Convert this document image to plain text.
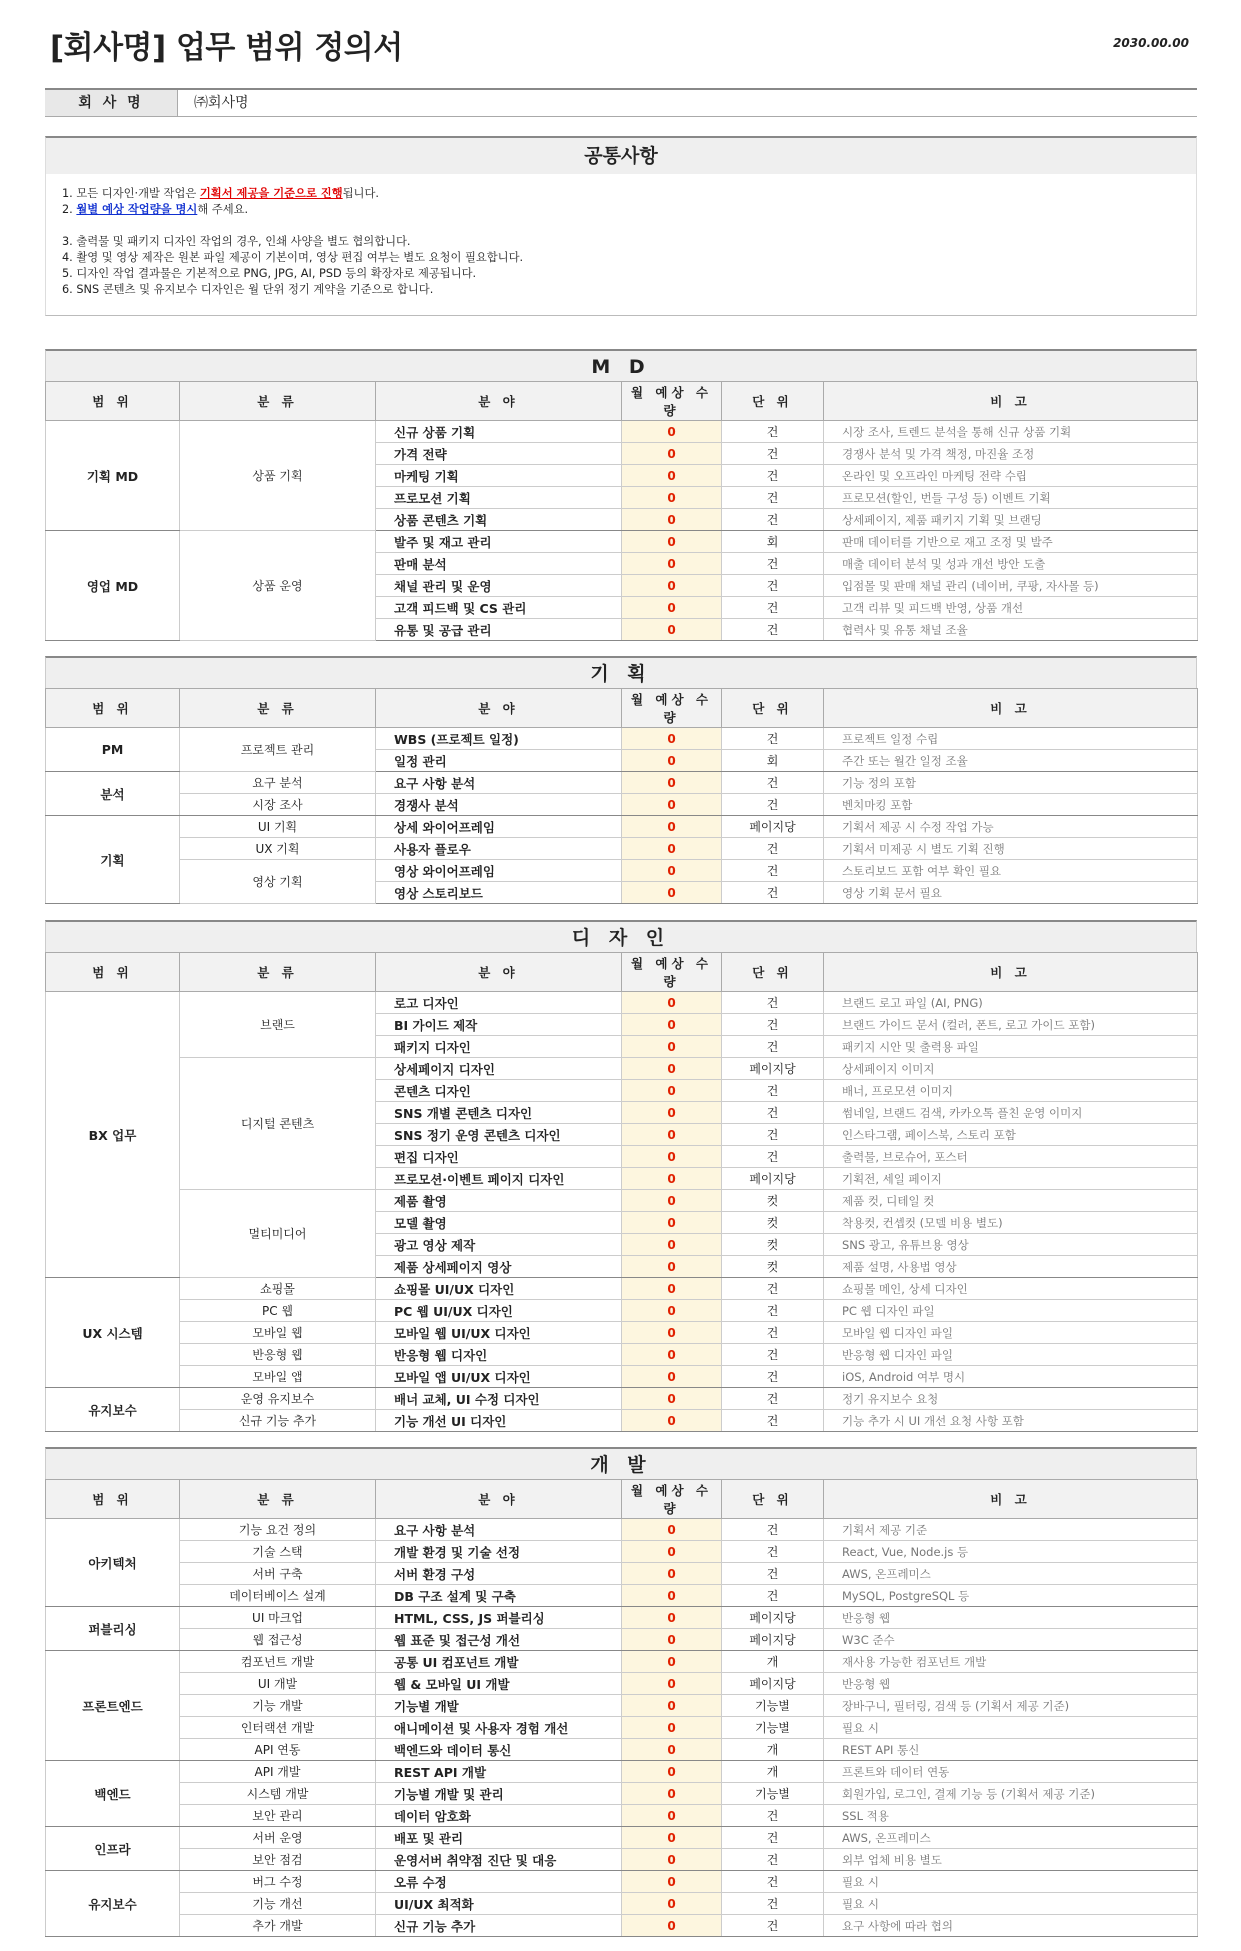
[회사명] 업무 범위 정의서	2030.00.00
회 사 명	㈜회사명
공통사항
1. 모든 디자인·개발 작업은 기획서 제공을 기준으로 진행됩니다.
2. 월별 예상 작업량을 명시해 주세요.
3. 출력물 및 패키지 디자인 작업의 경우, 인쇄 사양을 별도 협의합니다.
4. 촬영 및 영상 제작은 원본 파일 제공이 기본이며, 영상 편집 여부는 별도 요청이 필요합니다.
5. 디자인 작업 결과물은 기본적으로 PNG, JPG, AI, PSD 등의 확장자로 제공됩니다.
6. SNS 콘텐츠 및 유지보수 디자인은 월 단위 정기 계약을 기준으로 합니다.
M D
범 위	분 류	분 야	월 예상 수량	단 위	비 고
기획 MD	상품 기획	신규 상품 기획	0	건	시장 조사, 트렌드 분석을 통해 신규 상품 기획
		가격 전략	0	건	경쟁사 분석 및 가격 책정, 마진율 조정
		마케팅 기획	0	건	온라인 및 오프라인 마케팅 전략 수립
		프로모션 기획	0	건	프로모션(할인, 번들 구성 등) 이벤트 기획
		상품 콘텐츠 기획	0	건	상세페이지, 제품 패키지 기획 및 브랜딩
영업 MD	상품 운영	발주 및 재고 관리	0	회	판매 데이터를 기반으로 재고 조정 및 발주
		판매 분석	0	건	매출 데이터 분석 및 성과 개선 방안 도출
		채널 관리 및 운영	0	건	입점몰 및 판매 채널 관리 (네이버, 쿠팡, 자사몰 등)
		고객 피드백 및 CS 관리	0	건	고객 리뷰 및 피드백 반영, 상품 개선
		유통 및 공급 관리	0	건	협력사 및 유통 채널 조율
기 획
범 위	분 류	분 야	월 예상 수량	단 위	비 고
PM	프로젝트 관리	WBS (프로젝트 일정)	0	건	프로젝트 일정 수립
		일정 관리	0	회	주간 또는 월간 일정 조율
분석	요구 분석	요구 사항 분석	0	건	기능 정의 포함
	시장 조사	경쟁사 분석	0	건	벤치마킹 포함
기획	UI 기획	상세 와이어프레임	0	페이지당	기획서 제공 시 수정 작업 가능
	UX 기획	사용자 플로우	0	건	기획서 미제공 시 별도 기획 진행
	영상 기획	영상 와이어프레임	0	건	스토리보드 포함 여부 확인 필요
		영상 스토리보드	0	건	영상 기획 문서 필요
디 자 인
범 위	분 류	분 야	월 예상 수량	단 위	비 고
BX 업무	브랜드	로고 디자인	0	건	브랜드 로고 파일 (AI, PNG)
		BI 가이드 제작	0	건	브랜드 가이드 문서 (컬러, 폰트, 로고 가이드 포함)
		패키지 디자인	0	건	패키지 시안 및 출력용 파일
	디지털 콘텐츠	상세페이지 디자인	0	페이지당	상세페이지 이미지
		콘텐츠 디자인	0	건	배너, 프로모션 이미지
		SNS 개별 콘텐츠 디자인	0	건	썸네일, 브랜드 검색, 카카오톡 플친 운영 이미지
		SNS 정기 운영 콘텐츠 디자인	0	건	인스타그램, 페이스북, 스토리 포함
		편집 디자인	0	건	출력물, 브로슈어, 포스터
		프로모션·이벤트 페이지 디자인	0	페이지당	기획전, 세일 페이지
	멀티미디어	제품 촬영	0	컷	제품 컷, 디테일 컷
		모델 촬영	0	컷	착용컷, 컨셉컷 (모델 비용 별도)
		광고 영상 제작	0	컷	SNS 광고, 유튜브용 영상
		제품 상세페이지 영상	0	컷	제품 설명, 사용법 영상
UX 시스템	쇼핑몰	쇼핑몰 UI/UX 디자인	0	건	쇼핑몰 메인, 상세 디자인
	PC 웹	PC 웹 UI/UX 디자인	0	건	PC 웹 디자인 파일
	모바일 웹	모바일 웹 UI/UX 디자인	0	건	모바일 웹 디자인 파일
	반응형 웹	반응형 웹 디자인	0	건	반응형 웹 디자인 파일
	모바일 앱	모바일 앱 UI/UX 디자인	0	건	iOS, Android 여부 명시
유지보수	운영 유지보수	배너 교체, UI 수정 디자인	0	건	정기 유지보수 요청
	신규 기능 추가	기능 개선 UI 디자인	0	건	기능 추가 시 UI 개선 요청 사항 포함
개 발
범 위	분 류	분 야	월 예상 수량	단 위	비 고
아키텍처	기능 요건 정의	요구 사항 분석	0	건	기획서 제공 기준
	기술 스택	개발 환경 및 기술 선정	0	건	React, Vue, Node.js 등
	서버 구축	서버 환경 구성	0	건	AWS, 온프레미스
	데이터베이스 설계	DB 구조 설계 및 구축	0	건	MySQL, PostgreSQL 등
퍼블리싱	UI 마크업	HTML, CSS, JS 퍼블리싱	0	페이지당	반응형 웹
	웹 접근성	웹 표준 및 접근성 개선	0	페이지당	W3C 준수
프론트엔드	컴포넌트 개발	공통 UI 컴포넌트 개발	0	개	재사용 가능한 컴포넌트 개발
	UI 개발	웹 & 모바일 UI 개발	0	페이지당	반응형 웹
	기능 개발	기능별 개발	0	기능별	장바구니, 필터링, 검색 등 (기획서 제공 기준)
	인터랙션 개발	애니메이션 및 사용자 경험 개선	0	기능별	필요 시
	API 연동	백엔드와 데이터 통신	0	개	REST API 통신
백엔드	API 개발	REST API 개발	0	개	프론트와 데이터 연동
	시스템 개발	기능별 개발 및 관리	0	기능별	회원가입, 로그인, 결제 기능 등 (기획서 제공 기준)
	보안 관리	데이터 암호화	0	건	SSL 적용
인프라	서버 운영	배포 및 관리	0	건	AWS, 온프레미스
	보안 점검	운영서버 취약점 진단 및 대응	0	건	외부 업체 비용 별도
유지보수	버그 수정	오류 수정	0	건	필요 시
	기능 개선	UI/UX 최적화	0	건	필요 시
	추가 개발	신규 기능 추가	0	건	요구 사항에 따라 협의
